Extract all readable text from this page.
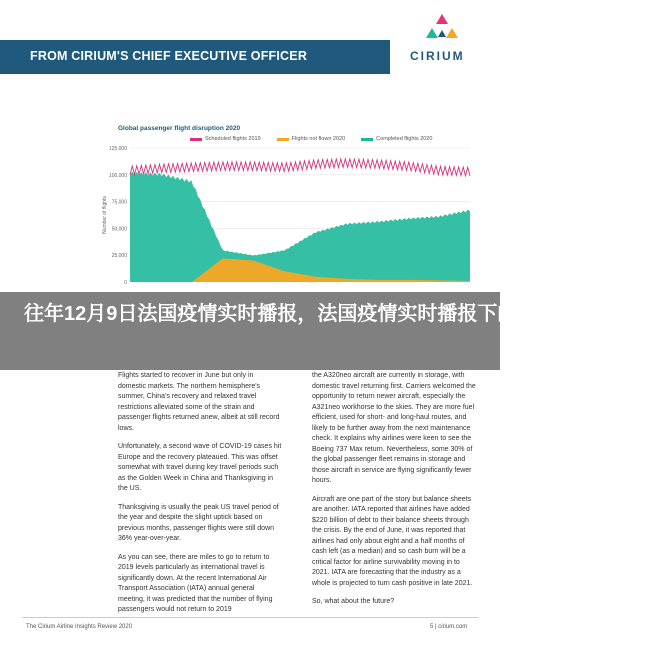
FROM CIRIUM'S CHIEF EXECUTIVE OFFICER	CIRIUM
Global passenger flight disruption 2020
Scheduled flights 2019	Flights not flown 2020	Completed flights 2020
125,000
100,000
75,000
50,000
25,000
0
Number of flights
往年12月9日法国疫情实时播报，法国疫情实时播报下的深度洞察，12月

Flights started to recover in June but only in domestic markets. The northern hemisphere's summer, China's recovery and relaxed travel restrictions alleviated some of the strain and passenger flights returned anew, albeit at still record lows.

Unfortunately, a second wave of COVID-19 cases hit Europe and the recovery plateaued. This was offset somewhat with travel during key travel periods such as the Golden Week in China and Thanksgiving in the US.

Thanksgiving is usually the peak US travel period of the year and despite the slight uptick based on previous months, passenger flights were still down 36% year-over-year.

As you can see, there are miles to go to return to 2019 levels particularly as international travel is significantly down. At the recent International Air Transport Association (IATA) annual general meeting, it was predicted that the number of flying passengers would not return to 2019

the A320neo aircraft are currently in storage, with domestic travel returning first. Carriers welcomed the opportunity to return newer aircraft, especially the A321neo workhorse to the skies. They are more fuel efficient, used for short- and long-haul routes, and likely to be further away from the next maintenance check. It explains why airlines were keen to see the Boeing 737 Max return. Nevertheless, some 30% of the global passenger fleet remains in storage and those aircraft in service are flying significantly fewer hours.

Aircraft are one part of the story but balance sheets are another. IATA reported that airlines have added $220 billion of debt to their balance sheets through the crisis. By the end of June, it was reported that airlines had only about eight and a half months of cash left (as a median) and so cash burn will be a critical factor for airline survivability moving in to 2021. IATA are forecasting that the industry as a whole is projected to turn cash positive in late 2021.

So, what about the future?

The Cirium Airline Insights Review 2020	5 | cirium.com
